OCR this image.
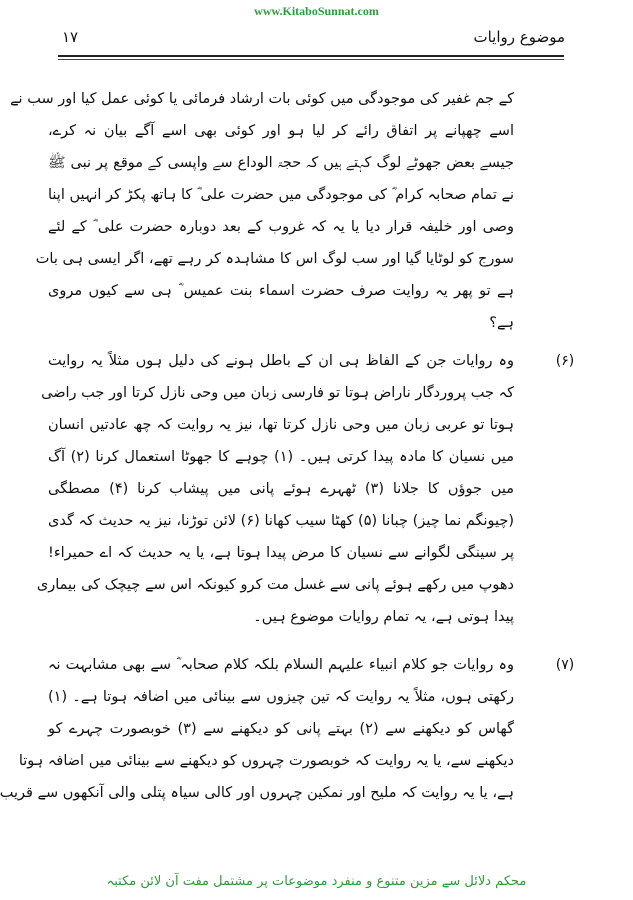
www.KitaboSunnat.com
موضوع روایات
۱۷
کے جم غفیر کی موجودگی میں کوئی بات ارشاد فرمائی یا کوئی عمل کیا اور سب نے
اسے چھپانے پر اتفاق رائے کر لیا ہو اور کوئی بھی اسے آگے بیان نہ کرے،
جیسے بعض جھوٹے لوگ کہتے ہیں کہ حجۃ الوداع سے واپسی کے موقع پر نبی ﷺ
نے تمام صحابہ کرام ؓ کی موجودگی میں حضرت علی ؓ کا ہاتھ پکڑ کر انہیں اپنا
وصی اور خلیفہ قرار دیا یا یہ کہ غروب کے بعد دوبارہ حضرت علی ؓ کے لئے
سورج کو لوٹایا گیا اور سب لوگ اس کا مشاہدہ کر رہے تھے، اگر ایسی ہی بات
ہے تو پھر یہ روایت صرف حضرت اسماء بنت عمیس ؓ ہی سے کیوں مروی
ہے؟
(۶)
وہ روایات جن کے الفاظ ہی ان کے باطل ہونے کی دلیل ہوں مثلاً یہ روایت
کہ جب پروردگار ناراض ہوتا تو فارسی زبان میں وحی نازل کرتا اور جب راضی
ہوتا تو عربی زبان میں وحی نازل کرتا تھا، نیز یہ روایت کہ چھ عادتیں انسان
میں نسیان کا مادہ پیدا کرتی ہیں۔ (۱) چوہے کا جھوٹا استعمال کرنا (۲) آگ
میں جوؤں کا جلانا (۳) ٹھہرے ہوئے پانی میں پیشاب کرنا (۴) مصطگی
(چیونگم نما چیز) چبانا (۵) کھٹا سیب کھانا (۶) لائن توڑنا، نیز یہ حدیث کہ گدی
پر سینگی لگوانے سے نسیان کا مرض پیدا ہوتا ہے، یا یہ حدیث کہ اے حمیراء!
دھوپ میں رکھے ہوئے پانی سے غسل مت کرو کیونکہ اس سے چیچک کی بیماری
پیدا ہوتی ہے، یہ تمام روایات موضوع ہیں۔
(۷)
وہ روایات جو کلام انبیاء علیہم السلام بلکہ کلام صحابہ ؓ سے بھی مشابہت نہ
رکھتی ہوں، مثلاً یہ روایت کہ تین چیزوں سے بینائی میں اضافہ ہوتا ہے۔ (۱)
گھاس کو دیکھنے سے (۲) بہتے پانی کو دیکھنے سے (۳) خوبصورت چہرے کو
دیکھنے سے، یا یہ روایت کہ خوبصورت چہروں کو دیکھنے سے بینائی میں اضافہ ہوتا
ہے، یا یہ روایت کہ ملیح اور نمکین چہروں اور کالی سیاہ پتلی والی آنکھوں سے قریب
محکم دلائل سے مزین متنوع و منفرد موضوعات پر مشتمل مفت آن لائن مکتبہ
